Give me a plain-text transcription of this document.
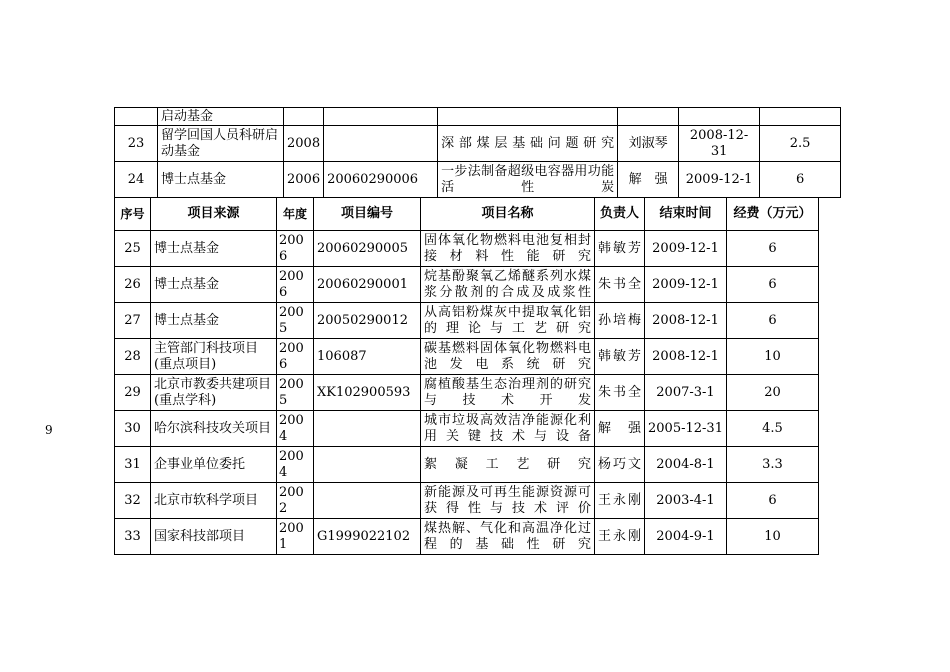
9
	启动基金						
23	留学回国人员科研启动基金	2008		深部煤层基础问题研究	刘淑琴	2008-12-31	2.5
24	博士点基金	2006	20060290006	一步法制备超级电容器用功能活性炭	解　强	2009-12-1	6
序号	项目来源	年度	项目编号	项目名称	负责人	结束时间	经费（万元）
25	博士点基金	2006	20060290005	固体氧化物燃料电池复相封接材料性能研究	韩敏芳	2009-12-1	6
26	博士点基金	2006	20060290001	烷基酚聚氧乙烯醚系列水煤浆分散剂的合成及成浆性	朱书全	2009-12-1	6
27	博士点基金	2005	20050290012	从高铝粉煤灰中提取氧化铝的理论与工艺研究	孙培梅	2008-12-1	6
28	主管部门科技项目(重点项目)	2006	106087	碳基燃料固体氧化物燃料电池发电系统研究	韩敏芳	2008-12-1	10
29	北京市教委共建项目(重点学科)	2005	XK102900593	腐植酸基生态治理剂的研究与技术开发	朱书全	2007-3-1	20
30	哈尔滨科技攻关项目	2004		城市垃圾高效洁净能源化利用关键技术与设备	解　强	2005-12-31	4.5
31	企事业单位委托	2004		絮凝工艺研究	杨巧文	2004-8-1	3.3
32	北京市软科学项目	2002		新能源及可再生能源资源可获得性与技术评价	王永刚	2003-4-1	6
33	国家科技部项目	2001	G1999022102	煤热解、气化和高温净化过程的基础性研究	王永刚	2004-9-1	10
